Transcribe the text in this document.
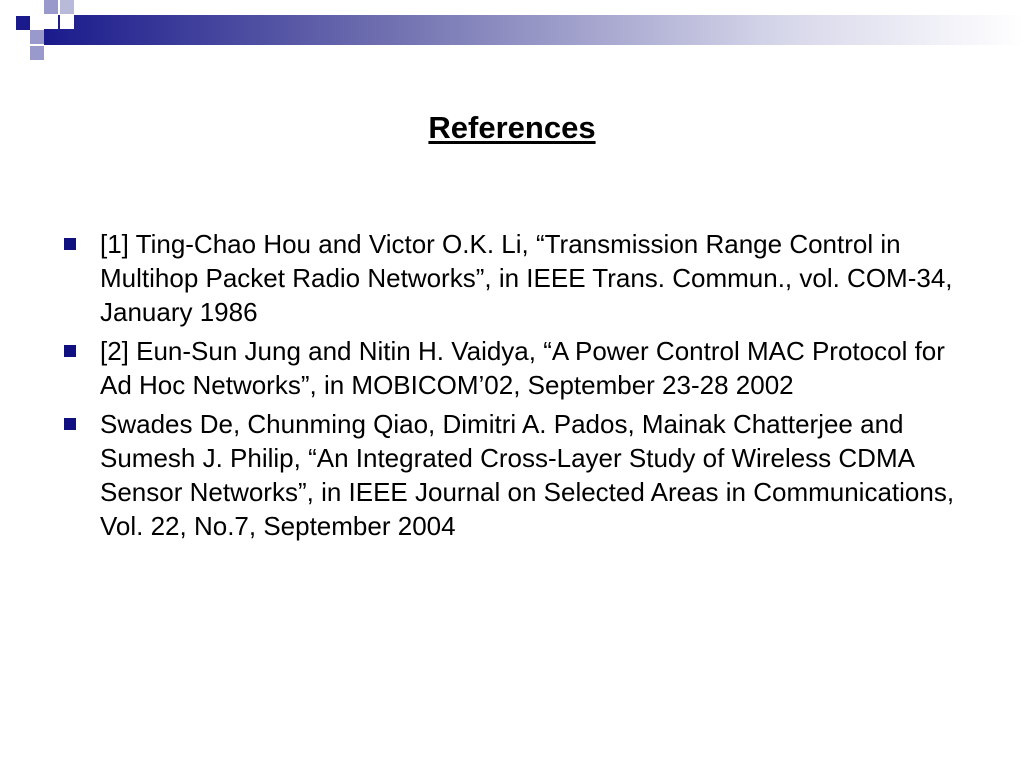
References
[1] Ting-Chao Hou and Victor O.K. Li, “Transmission Range Control in Multihop Packet Radio Networks”, in IEEE Trans. Commun., vol. COM-34, January 1986
[2] Eun-Sun Jung and Nitin H. Vaidya, “A Power Control MAC Protocol for Ad Hoc Networks”, in MOBICOM’02, September 23-28 2002
Swades De, Chunming Qiao, Dimitri A. Pados, Mainak Chatterjee and Sumesh J. Philip, “An Integrated Cross-Layer Study of Wireless CDMA Sensor Networks”, in IEEE Journal on Selected Areas in Communications, Vol. 22, No.7, September 2004
